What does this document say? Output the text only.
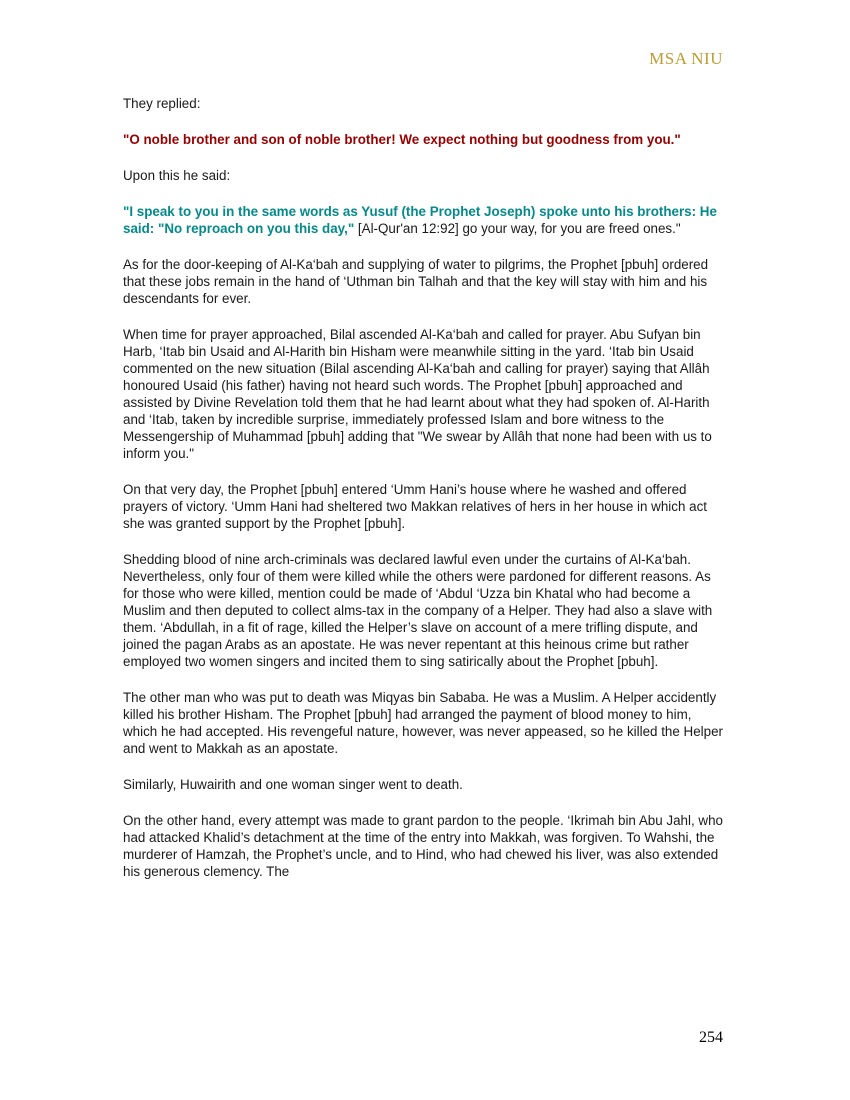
MSA NIU

They replied:

"O noble brother and son of noble brother! We expect nothing but goodness from you."

Upon this he said:

"I speak to you in the same words as Yusuf (the Prophet Joseph) spoke unto his brothers: He said: "No reproach on you this day," [Al-Qur'an 12:92] go your way, for you are freed ones."

As for the door-keeping of Al-Ka‘bah and supplying of water to pilgrims, the Prophet [pbuh] ordered that these jobs remain in the hand of ‘Uthman bin Talhah and that the key will stay with him and his descendants for ever.

When time for prayer approached, Bilal ascended Al-Ka‘bah and called for prayer. Abu Sufyan bin Harb, ‘Itab bin Usaid and Al-Harith bin Hisham were meanwhile sitting in the yard. ‘Itab bin Usaid commented on the new situation (Bilal ascending Al-Ka‘bah and calling for prayer) saying that Allâh honoured Usaid (his father) having not heard such words. The Prophet [pbuh] approached and assisted by Divine Revelation told them that he had learnt about what they had spoken of. Al-Harith and ‘Itab, taken by incredible surprise, immediately professed Islam and bore witness to the Messengership of Muhammad [pbuh] adding that "We swear by Allâh that none had been with us to inform you."

On that very day, the Prophet [pbuh] entered ‘Umm Hani’s house where he washed and offered prayers of victory. ‘Umm Hani had sheltered two Makkan relatives of hers in her house in which act she was granted support by the Prophet [pbuh].

Shedding blood of nine arch-criminals was declared lawful even under the curtains of Al-Ka‘bah. Nevertheless, only four of them were killed while the others were pardoned for different reasons. As for those who were killed, mention could be made of ‘Abdul ‘Uzza bin Khatal who had become a Muslim and then deputed to collect alms-tax in the company of a Helper. They had also a slave with them. ‘Abdullah, in a fit of rage, killed the Helper’s slave on account of a mere trifling dispute, and joined the pagan Arabs as an apostate. He was never repentant at this heinous crime but rather employed two women singers and incited them to sing satirically about the Prophet [pbuh].

The other man who was put to death was Miqyas bin Sababa. He was a Muslim. A Helper accidently killed his brother Hisham. The Prophet [pbuh] had arranged the payment of blood money to him, which he had accepted. His revengeful nature, however, was never appeased, so he killed the Helper and went to Makkah as an apostate.

Similarly, Huwairith and one woman singer went to death.

On the other hand, every attempt was made to grant pardon to the people. ‘Ikrimah bin Abu Jahl, who had attacked Khalid’s detachment at the time of the entry into Makkah, was forgiven. To Wahshi, the murderer of Hamzah, the Prophet’s uncle, and to Hind, who had chewed his liver, was also extended his generous clemency. The

254
